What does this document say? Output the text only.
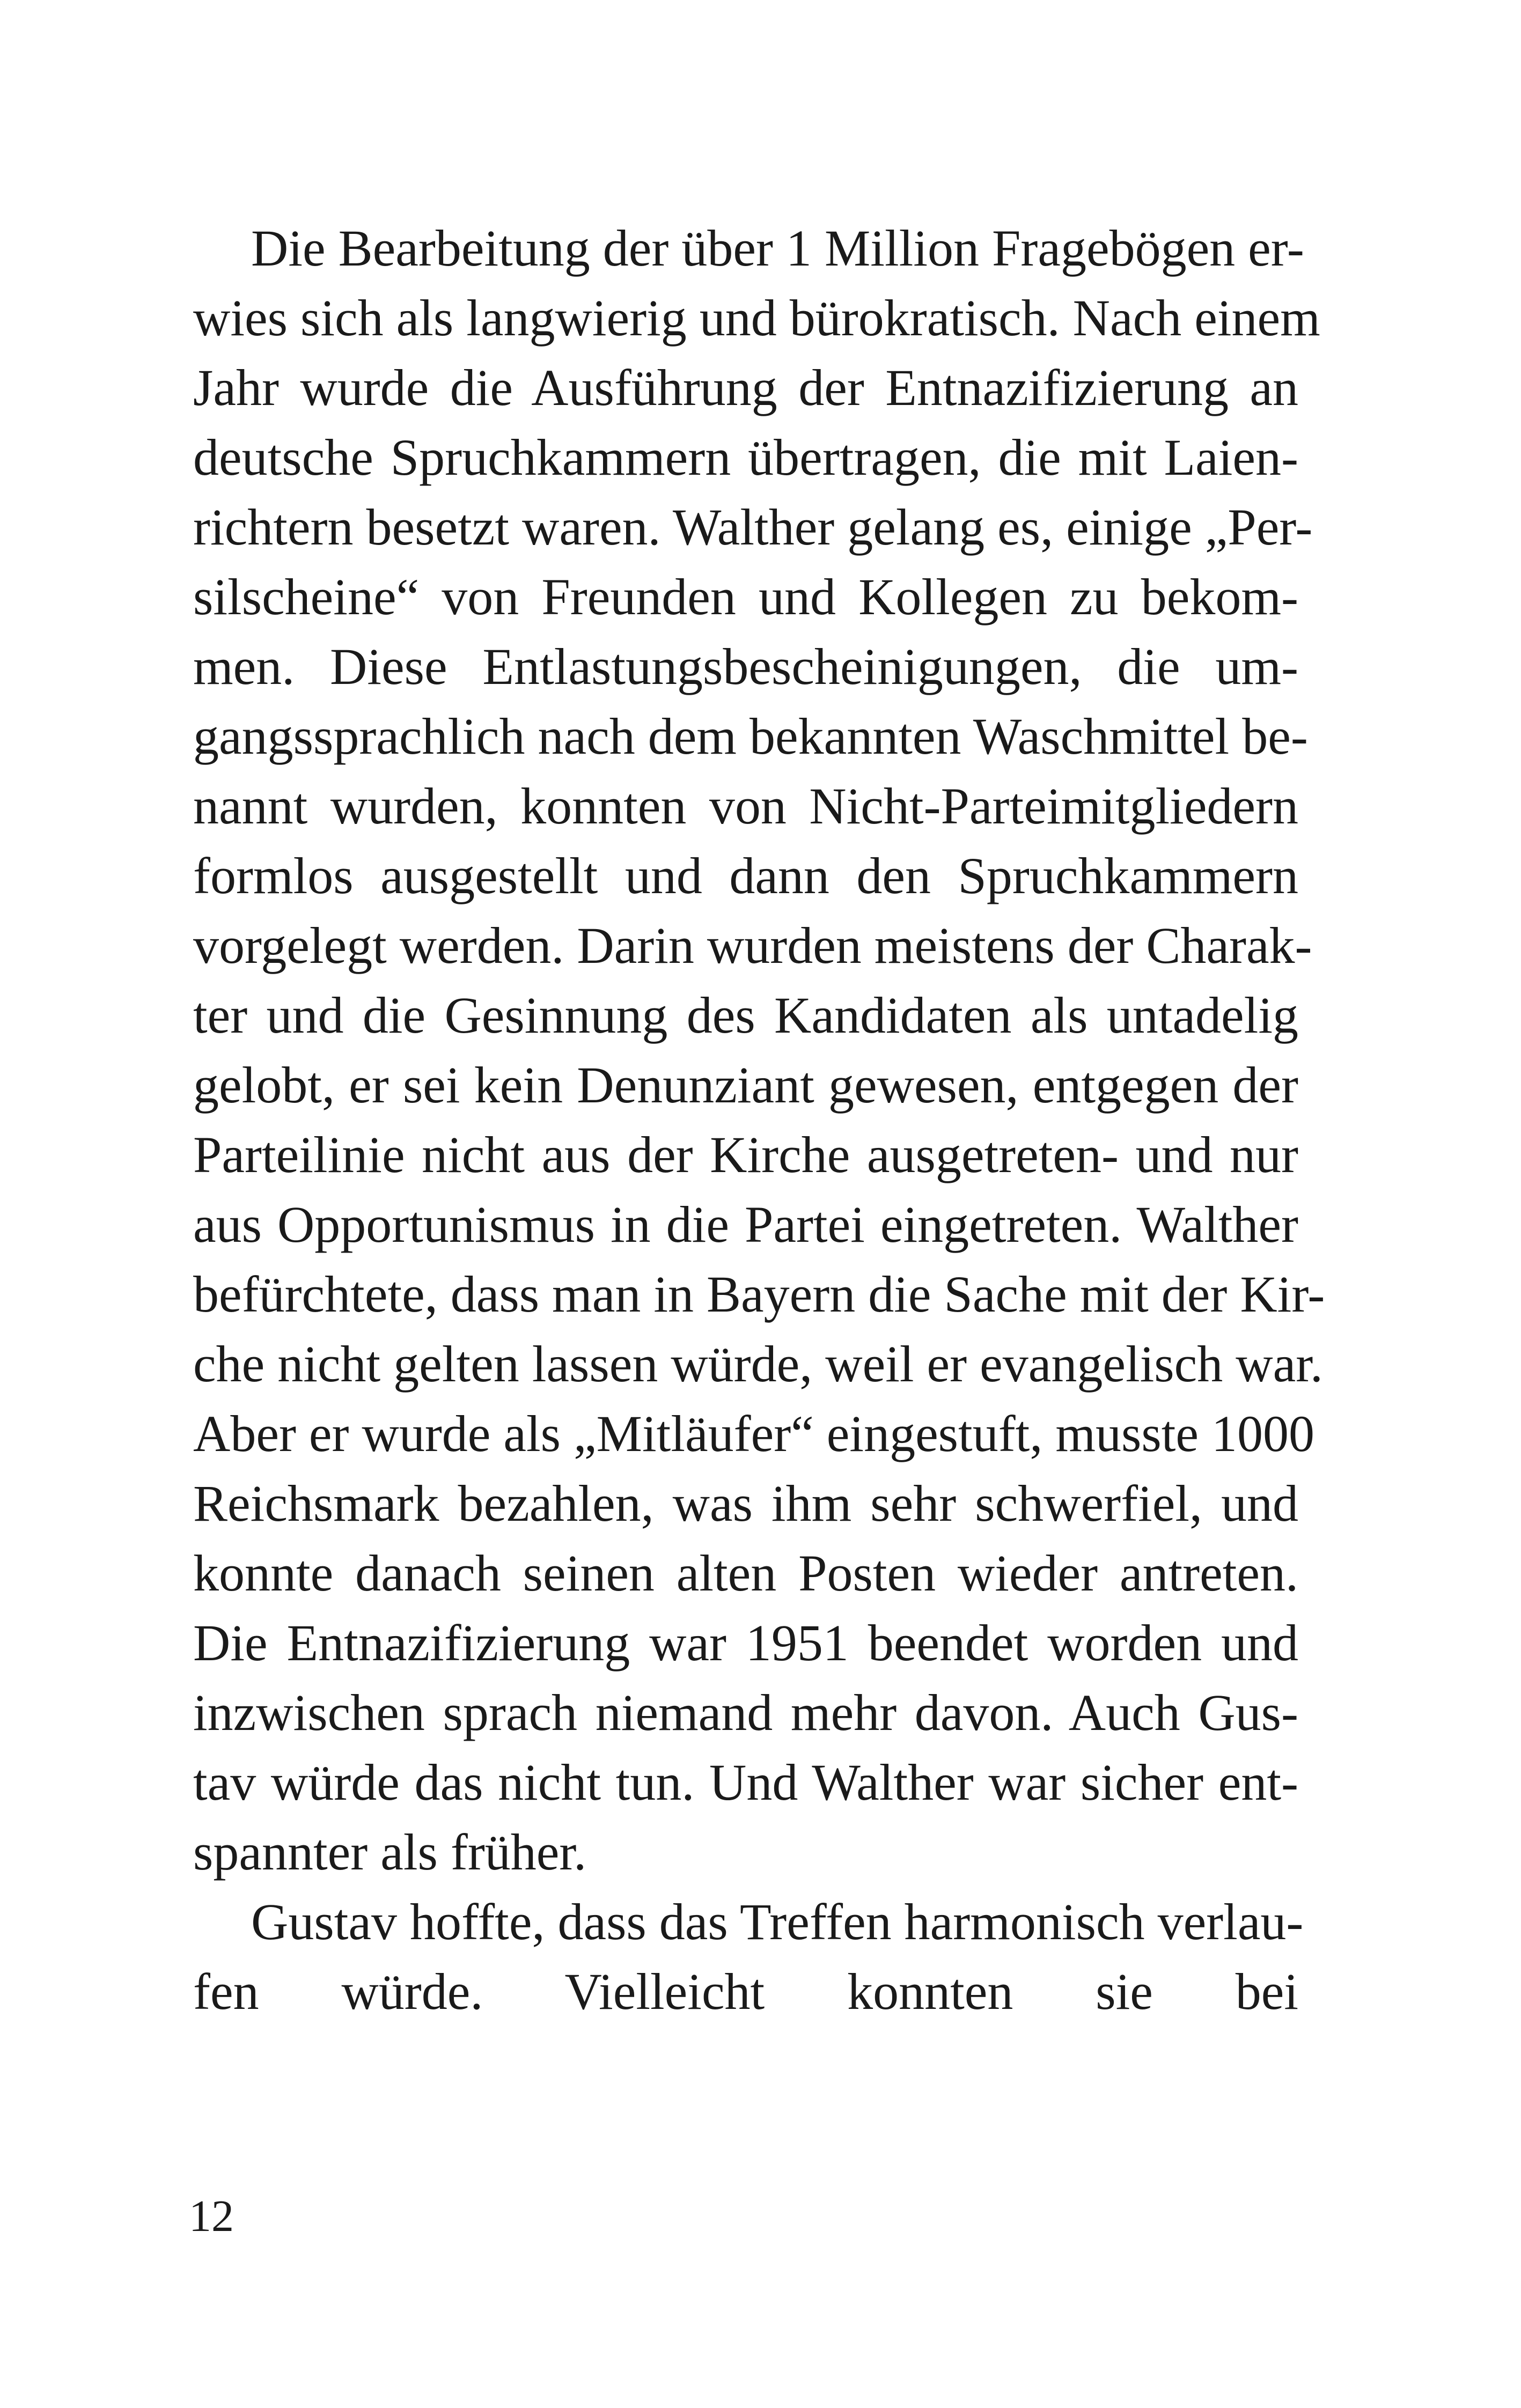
Die Bearbeitung der über 1 Million Fragebögen er-
wies sich als langwierig und bürokratisch. Nach einem
Jahr wurde die Ausführung der Entnazifizierung an
deutsche Spruchkammern übertragen, die mit Laien-
richtern besetzt waren. Walther gelang es, einige „Per-
silscheine“ von Freunden und Kollegen zu bekom-
men. Diese Entlastungsbescheinigungen, die um-
gangssprachlich nach dem bekannten Waschmittel be-
nannt wurden, konnten von Nicht-Parteimitgliedern
formlos ausgestellt und dann den Spruchkammern
vorgelegt werden. Darin wurden meistens der Charak-
ter und die Gesinnung des Kandidaten als untadelig
gelobt, er sei kein Denunziant gewesen, entgegen der
Parteilinie nicht aus der Kirche ausgetreten- und nur
aus Opportunismus in die Partei eingetreten. Walther
befürchtete, dass man in Bayern die Sache mit der Kir-
che nicht gelten lassen würde, weil er evangelisch war.
Aber er wurde als „Mitläufer“ eingestuft, musste 1000
Reichsmark bezahlen, was ihm sehr schwerfiel, und
konnte danach seinen alten Posten wieder antreten.
Die Entnazifizierung war 1951 beendet worden und
inzwischen sprach niemand mehr davon. Auch Gus-
tav würde das nicht tun. Und Walther war sicher ent-
spannter als früher.
Gustav hoffte, dass das Treffen harmonisch verlau-
fen würde. Vielleicht konnten sie bei
12
